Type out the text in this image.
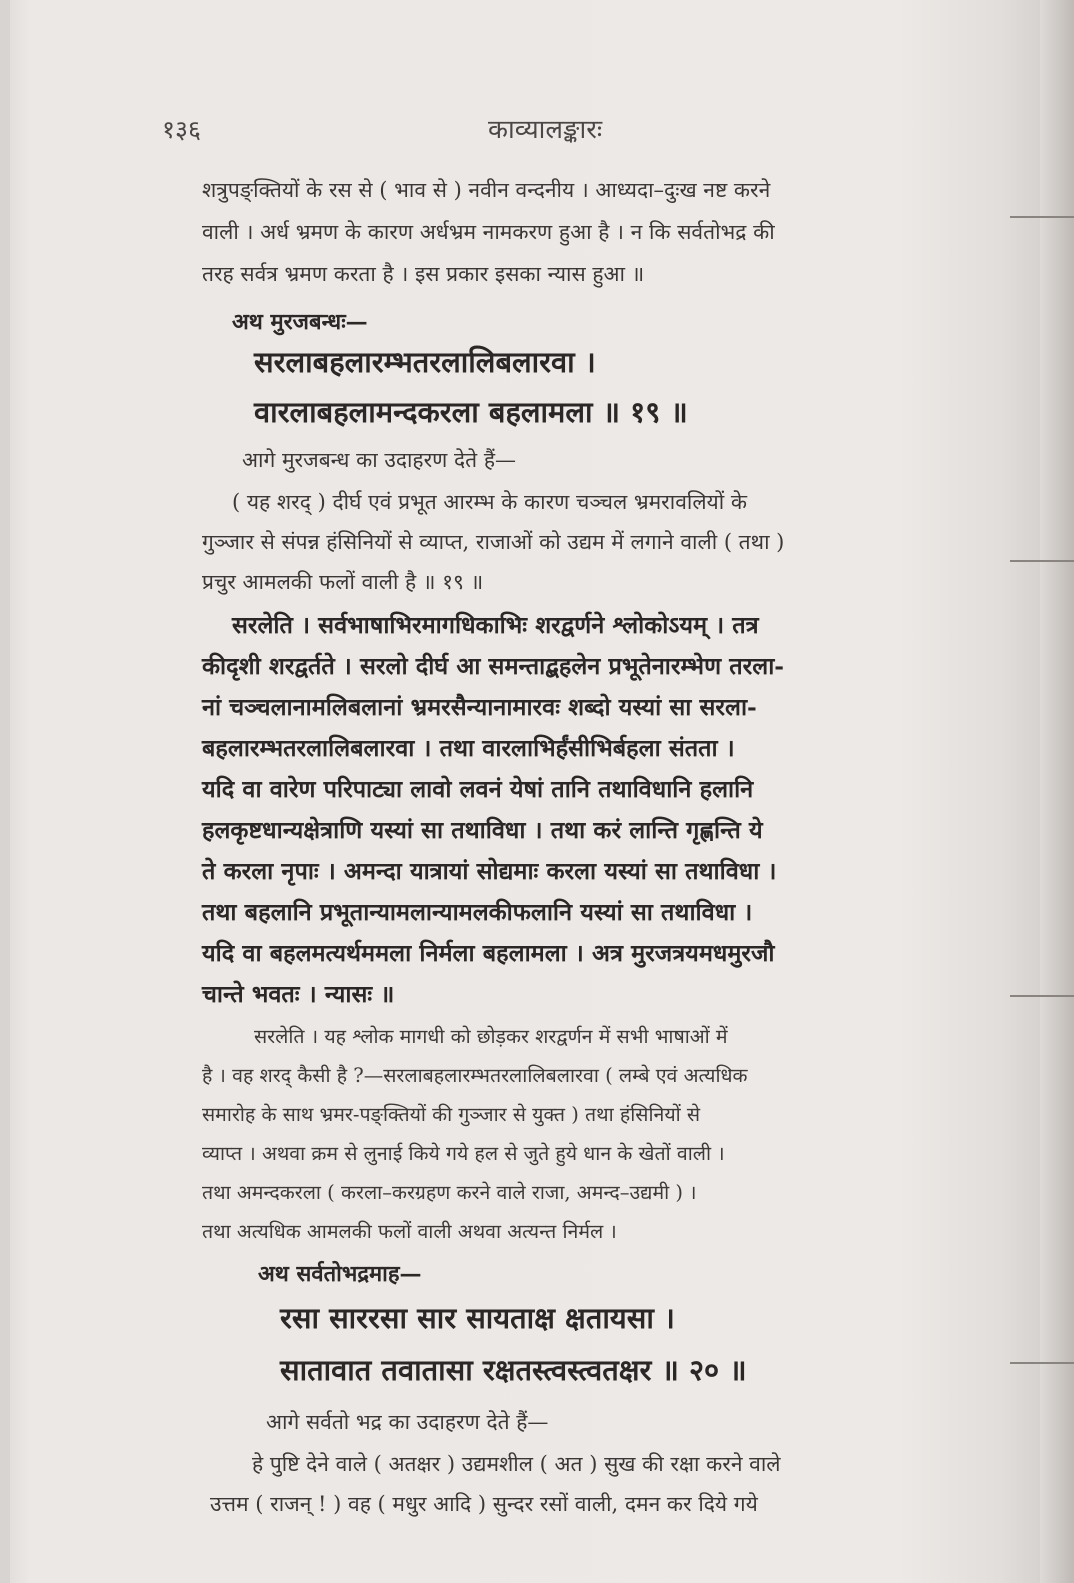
१३६	काव्यालङ्कारः
शत्रुपङ्क्तियों के रस से ( भाव से ) नवीन वन्दनीय । आध्यदा–दुःख नष्ट करने
वाली । अर्ध भ्रमण के कारण अर्धभ्रम नामकरण हुआ है । न कि सर्वतोभद्र की
तरह सर्वत्र भ्रमण करता है । इस प्रकार इसका न्यास हुआ ॥
अथ मुरजबन्धः—
सरलाबहलारम्भतरलालिबलारवा ।
वारलाबहलामन्दकरला बहलामला ॥ १९ ॥
आगे मुरजबन्ध का उदाहरण देते हैं—
( यह शरद् ) दीर्घ एवं प्रभूत आरम्भ के कारण चञ्चल भ्रमरावलियों के
गुञ्जार से संपन्न हंसिनियों से व्याप्त, राजाओं को उद्यम में लगाने वाली ( तथा )
प्रचुर आमलकी फलों वाली है ॥ १९ ॥
सरलेति । सर्वभाषाभिरमागधिकाभिः शरद्वर्णने श्लोकोऽयम् । तत्र
कीदृशी शरद्वर्तते । सरलो दीर्घ आ समन्ताद्बहलेन प्रभूतेनारम्भेण तरला-
नां चञ्चलानामलिबलानां भ्रमरसैन्यानामारवः शब्दो यस्यां सा सरला-
बहलारम्भतरलालिबलारवा । तथा वारलाभिर्हंसीभिर्बहला संतता ।
यदि वा वारेण परिपाट्या लावो लवनं येषां तानि तथाविधानि हलानि
हलकृष्टधान्यक्षेत्राणि यस्यां सा तथाविधा । तथा करं लान्ति गृह्णन्ति ये
ते करला नृपाः । अमन्दा यात्रायां सोद्यमाः करला यस्यां सा तथाविधा ।
तथा बहलानि प्रभूतान्यामलान्यामलकीफलानि यस्यां सा तथाविधा ।
यदि वा बहलमत्यर्थममला निर्मला बहलामला । अत्र मुरजत्रयमधमुरजौ
चान्ते भवतः । न्यासः ॥
सरलेति । यह श्लोक मागधी को छोड़कर शरद्वर्णन में सभी भाषाओं में
है । वह शरद् कैसी है ?—सरलाबहलारम्भतरलालिबलारवा ( लम्बे एवं अत्यधिक
समारोह के साथ भ्रमर-पङ्क्तियों की गुञ्जार से युक्त ) तथा हंसिनियों से
व्याप्त । अथवा क्रम से लुनाई किये गये हल से जुते हुये धान के खेतों वाली ।
तथा अमन्दकरला ( करला–करग्रहण करने वाले राजा, अमन्द–उद्यमी ) ।
तथा अत्यधिक आमलकी फलों वाली अथवा अत्यन्त निर्मल ।
अथ सर्वतोभद्रमाह—
रसा साररसा सार सायताक्ष क्षतायसा ।
सातावात तवातासा रक्षतस्त्वस्त्वतक्षर ॥ २० ॥
आगे सर्वतो भद्र का उदाहरण देते हैं—
हे पुष्टि देने वाले ( अतक्षर ) उद्यमशील ( अत ) सुख की रक्षा करने वाले
उत्तम ( राजन् ! ) वह ( मधुर आदि ) सुन्दर रसों वाली, दमन कर दिये गये
